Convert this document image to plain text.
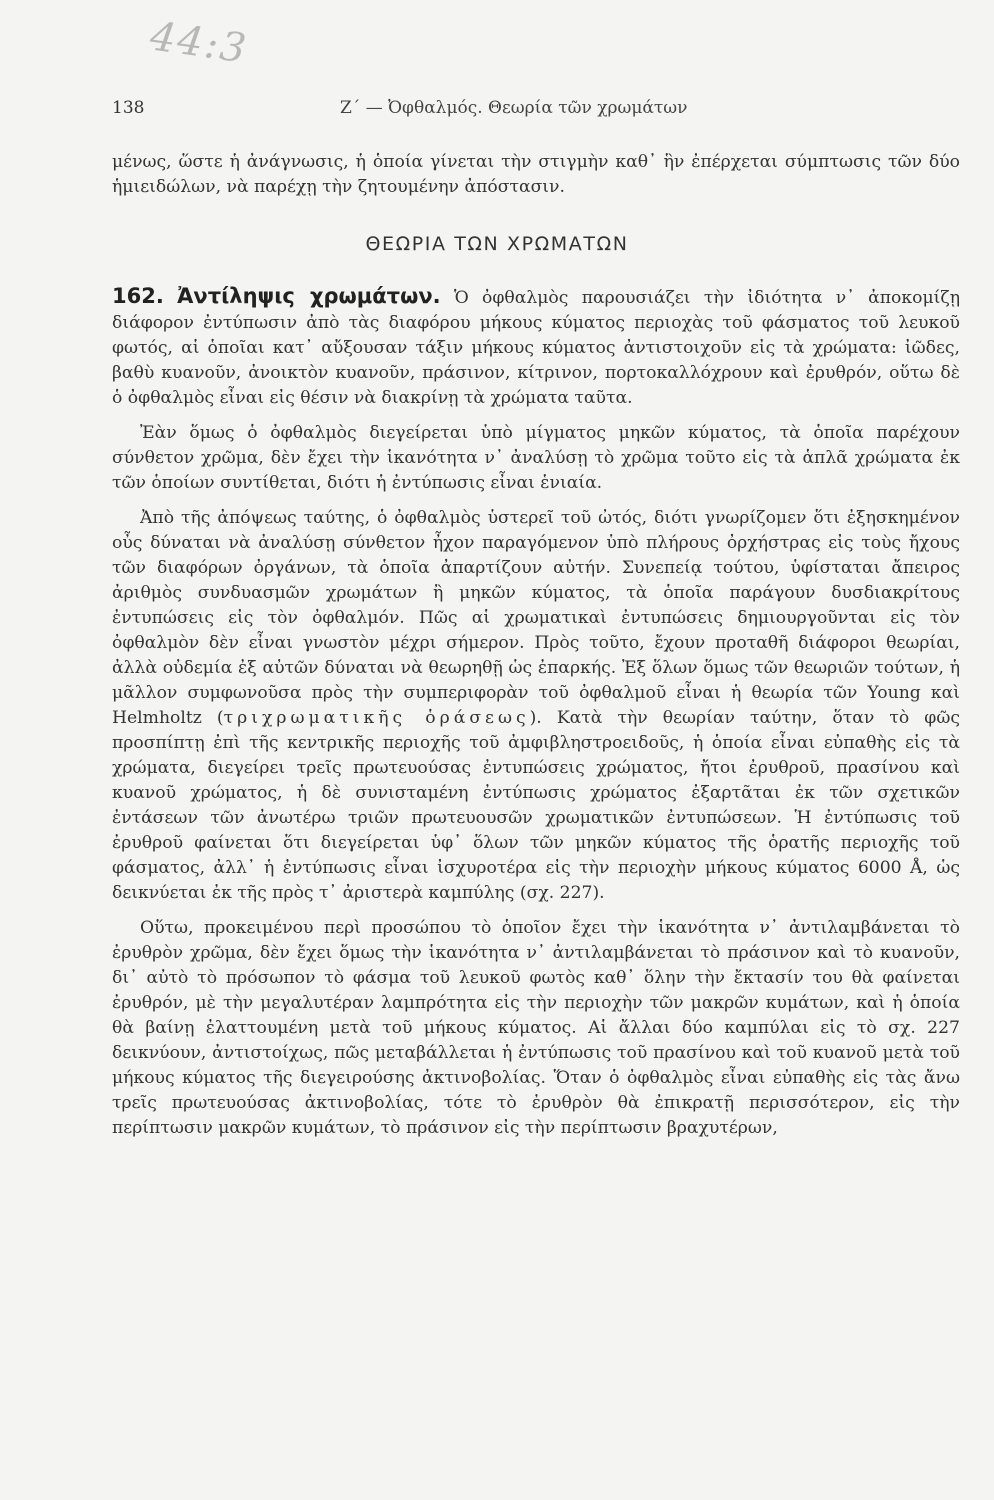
44:3
138	Ζ΄ — Ὀφθαλμός. Θεωρία τῶν χρωμάτων

μένως, ὥστε ἡ ἀνάγνωσις, ἡ ὁποία γίνεται τὴν στιγμὴν καθ᾿ ἣν ἐπέρχεται σύμπτωσις τῶν δύο ἡμιειδώλων, νὰ παρέχῃ τὴν ζητουμένην ἀπόστασιν.

ΘΕΩΡΙΑ ΤΩΝ ΧΡΩΜΑΤΩΝ

162. Ἀντίληψις χρωμάτων. Ὁ ὀφθαλμὸς παρουσιάζει τὴν ἰδιότητα ν᾿ ἀποκομίζῃ διάφορον ἐντύπωσιν ἀπὸ τὰς διαφόρου μήκους κύματος περιοχὰς τοῦ φάσματος τοῦ λευκοῦ φωτός, αἱ ὁποῖαι κατ᾿ αὔξουσαν τάξιν μήκους κύματος ἀντιστοιχοῦν εἰς τὰ χρώματα: ἰῶδες, βαθὺ κυανοῦν, ἀνοικτὸν κυανοῦν, πράσινον, κίτρινον, πορτοκαλλόχρουν καὶ ἐρυθρόν, οὕτω δὲ ὁ ὀφθαλμὸς εἶναι εἰς θέσιν νὰ διακρίνῃ τὰ χρώματα ταῦτα.

Ἐὰν ὅμως ὁ ὀφθαλμὸς διεγείρεται ὑπὸ μίγματος μηκῶν κύματος, τὰ ὁποῖα παρέχουν σύνθετον χρῶμα, δὲν ἔχει τὴν ἱκανότητα ν᾿ ἀναλύσῃ τὸ χρῶμα τοῦτο εἰς τὰ ἁπλᾶ χρώματα ἐκ τῶν ὁποίων συντίθεται, διότι ἡ ἐντύπωσις εἶναι ἑνιαία.

Ἀπὸ τῆς ἀπόψεως ταύτης, ὁ ὀφθαλμὸς ὑστερεῖ τοῦ ὠτός, διότι γνωρίζομεν ὅτι ἐξησκημένον οὖς δύναται νὰ ἀναλύσῃ σύνθετον ἦχον παραγόμενον ὑπὸ πλήρους ὀρχήστρας εἰς τοὺς ἤχους τῶν διαφόρων ὀργάνων, τὰ ὁποῖα ἀπαρτίζουν αὐτήν. Συνεπείᾳ τούτου, ὑφίσταται ἄπειρος ἀριθμὸς συνδυασμῶν χρωμάτων ἢ μηκῶν κύματος, τὰ ὁποῖα παράγουν δυσδιακρίτους ἐντυπώσεις εἰς τὸν ὀφθαλμόν. Πῶς αἱ χρωματικαὶ ἐντυπώσεις δημιουργοῦνται εἰς τὸν ὀφθαλμὸν δὲν εἶναι γνωστὸν μέχρι σήμερον. Πρὸς τοῦτο, ἔχουν προταθῆ διάφοροι θεωρίαι, ἀλλὰ οὐδεμία ἐξ αὐτῶν δύναται νὰ θεωρηθῇ ὡς ἐπαρκής. Ἐξ ὅλων ὅμως τῶν θεωριῶν τούτων, ἡ μᾶλλον συμφωνοῦσα πρὸς τὴν συμπεριφορὰν τοῦ ὀφθαλμοῦ εἶναι ἡ θεωρία τῶν Young καὶ Helmholtz (τριχρωματικῆς ὁράσεως). Κατὰ τὴν θεωρίαν ταύτην, ὅταν τὸ φῶς προσπίπτῃ ἐπὶ τῆς κεντρικῆς περιοχῆς τοῦ ἀμφιβληστροειδοῦς, ἡ ὁποία εἶναι εὐπαθὴς εἰς τὰ χρώματα, διεγείρει τρεῖς πρωτευούσας ἐντυπώσεις χρώματος, ἤτοι ἐρυθροῦ, πρασίνου καὶ κυανοῦ χρώματος, ἡ δὲ συνισταμένη ἐντύπωσις χρώματος ἐξαρτᾶται ἐκ τῶν σχετικῶν ἐντάσεων τῶν ἀνωτέρω τριῶν πρωτευουσῶν χρωματικῶν ἐντυπώσεων. Ἡ ἐντύπωσις τοῦ ἐρυθροῦ φαίνεται ὅτι διεγείρεται ὑφ᾿ ὅλων τῶν μηκῶν κύματος τῆς ὁρατῆς περιοχῆς τοῦ φάσματος, ἀλλ᾿ ἡ ἐντύπωσις εἶναι ἰσχυροτέρα εἰς τὴν περιοχὴν μήκους κύματος 6000 Å, ὡς δεικνύεται ἐκ τῆς πρὸς τ᾿ ἀριστερὰ καμπύλης (σχ. 227).

Οὕτω, προκειμένου περὶ προσώπου τὸ ὁποῖον ἔχει τὴν ἱκανότητα ν᾿ ἀντιλαμβάνεται τὸ ἐρυθρὸν χρῶμα, δὲν ἔχει ὅμως τὴν ἱκανότητα ν᾿ ἀντιλαμβάνεται τὸ πράσινον καὶ τὸ κυανοῦν, δι᾿ αὐτὸ τὸ πρόσωπον τὸ φάσμα τοῦ λευκοῦ φωτὸς καθ᾿ ὅλην τὴν ἔκτασίν του θὰ φαίνεται ἐρυθρόν, μὲ τὴν μεγαλυτέραν λαμπρότητα εἰς τὴν περιοχὴν τῶν μακρῶν κυμάτων, καὶ ἡ ὁποία θὰ βαίνῃ ἐλαττουμένη μετὰ τοῦ μήκους κύματος. Αἱ ἄλλαι δύο καμπύλαι εἰς τὸ σχ. 227 δεικνύουν, ἀντιστοίχως, πῶς μεταβάλλεται ἡ ἐντύπωσις τοῦ πρασίνου καὶ τοῦ κυανοῦ μετὰ τοῦ μήκους κύματος τῆς διεγειρούσης ἀκτινοβολίας. Ὅταν ὁ ὀφθαλμὸς εἶναι εὐπαθὴς εἰς τὰς ἄνω τρεῖς πρωτευούσας ἀκτινοβολίας, τότε τὸ ἐρυθρὸν θὰ ἐπικρατῇ περισσότερον, εἰς τὴν περίπτωσιν μακρῶν κυμάτων, τὸ πράσινον εἰς τὴν περίπτωσιν βραχυτέρων,
